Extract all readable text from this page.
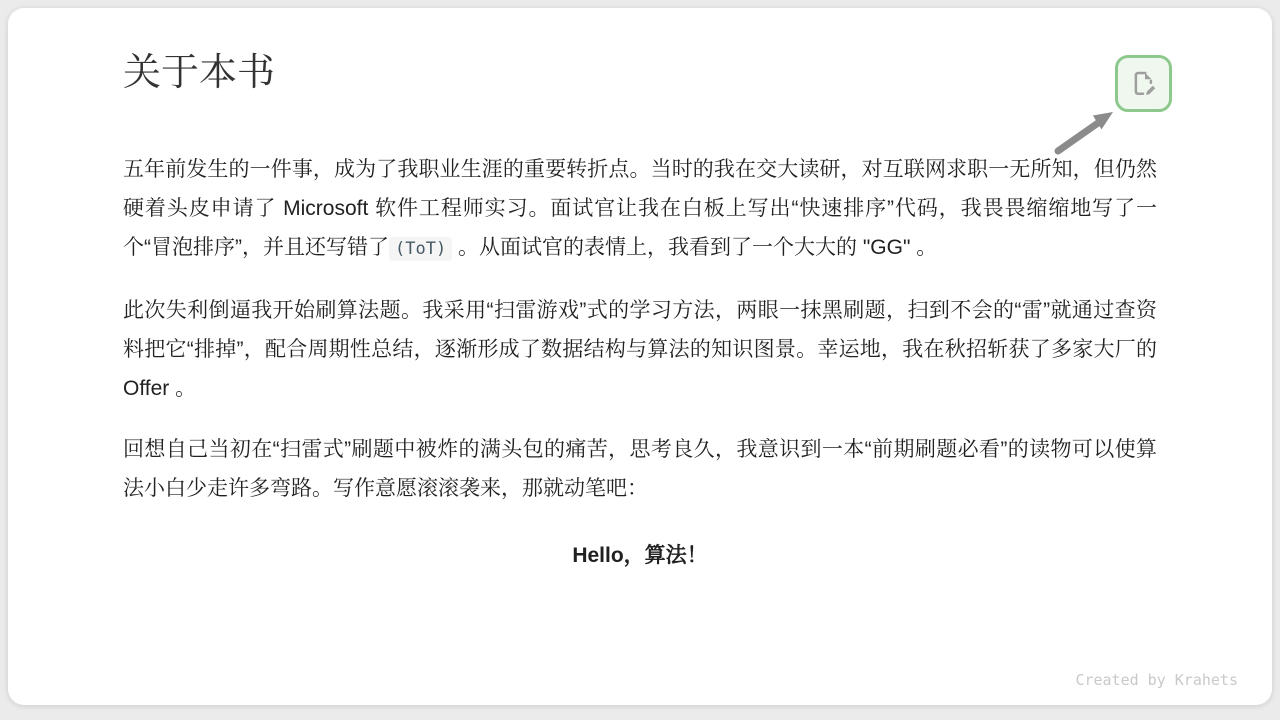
关于本书

五年前发生的一件事，成为了我职业生涯的重要转折点。当时的我在交大读研，对互联网求职一无所知，但仍然硬着头皮申请了 Microsoft 软件工程师实习。面试官让我在白板上写出“快速排序”代码，我畏畏缩缩地写了一个“冒泡排序”，并且还写错了 (ToT) 。从面试官的表情上，我看到了一个大大的 "GG" 。

此次失利倒逼我开始刷算法题。我采用“扫雷游戏”式的学习方法，两眼一抹黑刷题，扫到不会的“雷”就通过查资料把它“排掉”，配合周期性总结，逐渐形成了数据结构与算法的知识图景。幸运地，我在秋招斩获了多家大厂的 Offer 。

回想自己当初在“扫雷式”刷题中被炸的满头包的痛苦，思考良久，我意识到一本“前期刷题必看”的读物可以使算法小白少走许多弯路。写作意愿滚滚袭来，那就动笔吧：

Hello，算法！

Created by Krahets
